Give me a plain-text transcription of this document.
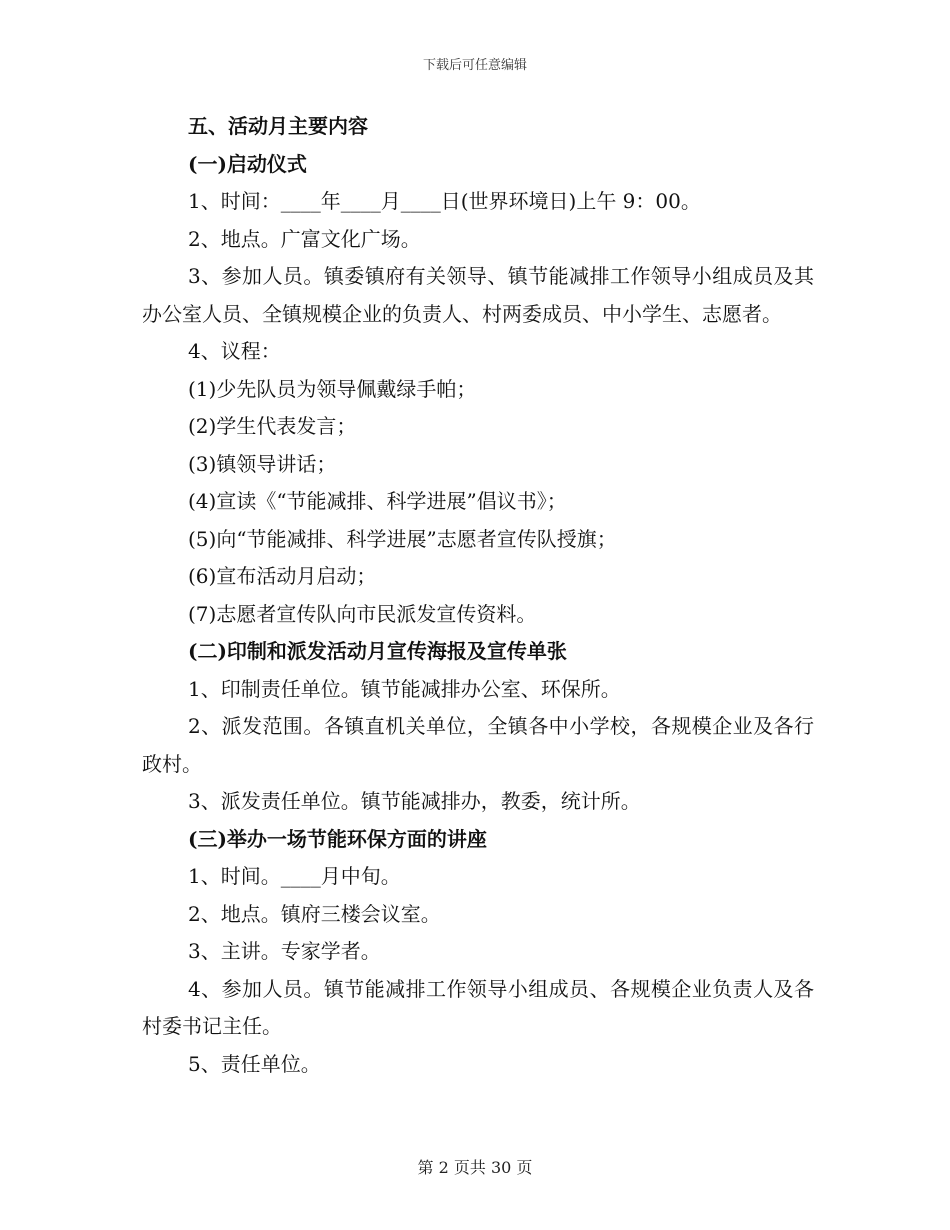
下载后可任意编辑
五、活动月主要内容
(一)启动仪式
1、时间：____年____月____日(世界环境日)上午 9：00。
2、地点。广富文化广场。
3、参加人员。镇委镇府有关领导、镇节能减排工作领导小组成员及其办公室人员、全镇规模企业的负责人、村两委成员、中小学生、志愿者。
4、议程：
(1)少先队员为领导佩戴绿手帕；
(2)学生代表发言；
(3)镇领导讲话；
(4)宣读《“节能减排、科学进展”倡议书》；
(5)向“节能减排、科学进展”志愿者宣传队授旗；
(6)宣布活动月启动；
(7)志愿者宣传队向市民派发宣传资料。
(二)印制和派发活动月宣传海报及宣传单张
1、印制责任单位。镇节能减排办公室、环保所。
2、派发范围。各镇直机关单位，全镇各中小学校，各规模企业及各行政村。
3、派发责任单位。镇节能减排办，教委，统计所。
(三)举办一场节能环保方面的讲座
1、时间。____月中旬。
2、地点。镇府三楼会议室。
3、主讲。专家学者。
4、参加人员。镇节能减排工作领导小组成员、各规模企业负责人及各村委书记主任。
5、责任单位。
第 2 页共 30 页
